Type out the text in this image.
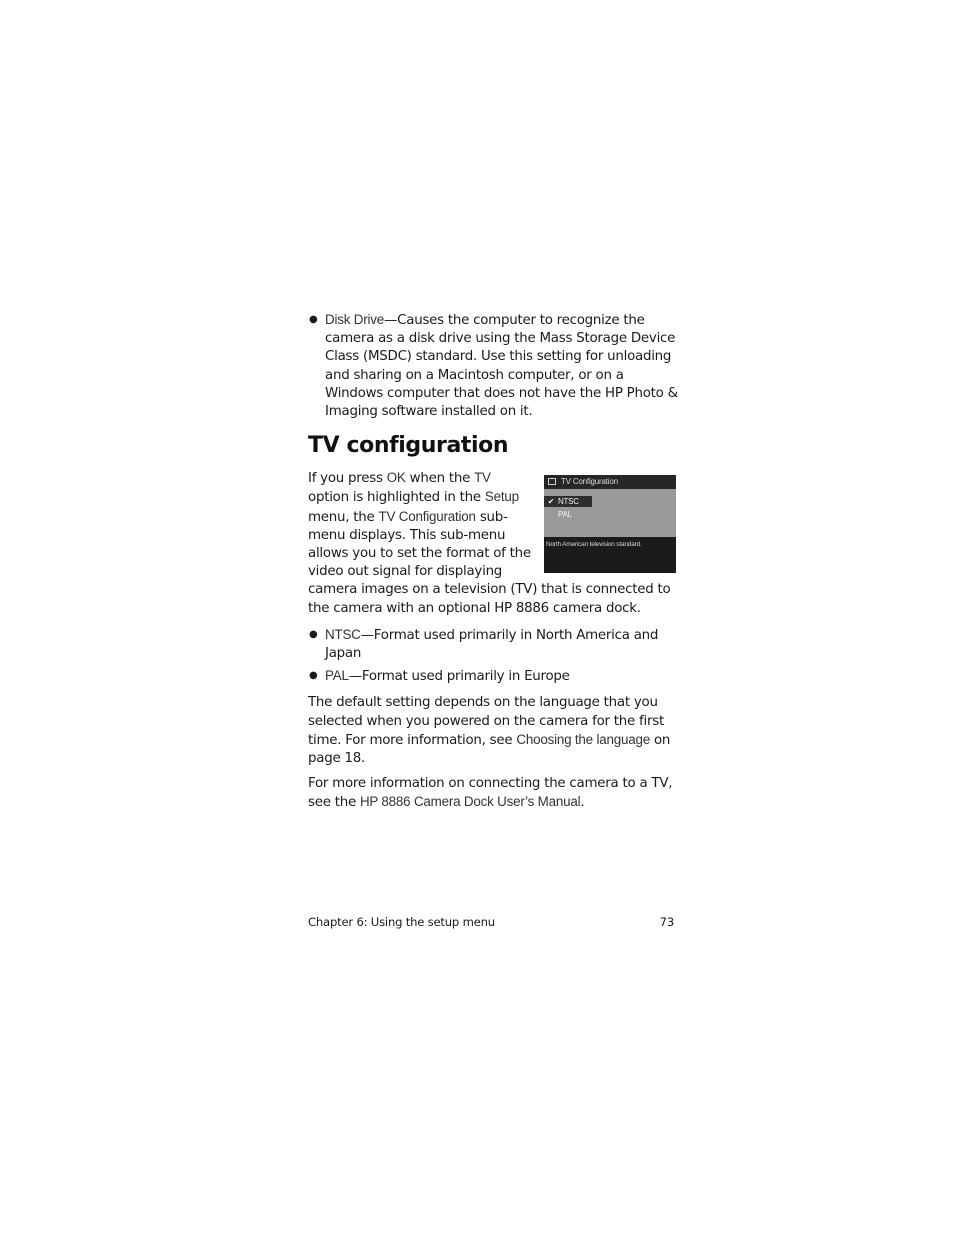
● Disk Drive—Causes the computer to recognize the camera as a disk drive using the Mass Storage Device Class (MSDC) standard. Use this setting for unloading and sharing on a Macintosh computer, or on a Windows computer that does not have the HP Photo & Imaging software installed on it.
TV configuration
TV Configuration
✔ NTSC
PAL
North American television standard.
If you press OK when the TV option is highlighted in the Setup menu, the TV Configuration sub-menu displays. This sub-menu allows you to set the format of the video out signal for displaying camera images on a television (TV) that is connected to the camera with an optional HP 8886 camera dock.
● NTSC—Format used primarily in North America and Japan
● PAL—Format used primarily in Europe
The default setting depends on the language that you selected when you powered on the camera for the first time. For more information, see Choosing the language on page 18.
For more information on connecting the camera to a TV, see the HP 8886 Camera Dock User’s Manual.
Chapter 6: Using the setup menu	73
